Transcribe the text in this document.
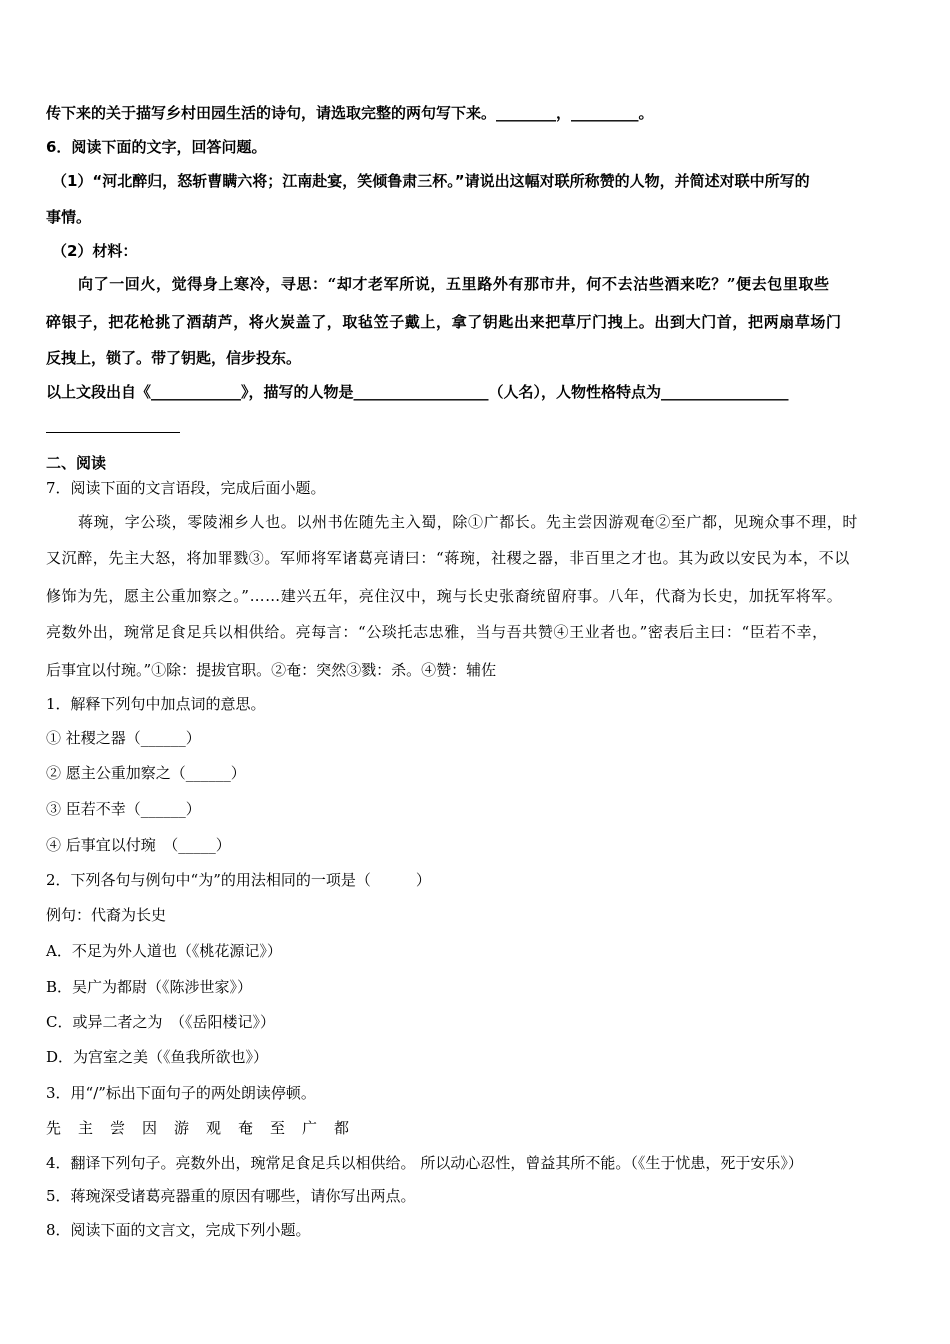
传下来的关于描写乡村田园生活的诗句，请选取完整的两句写下来。________，_________。
6．阅读下面的文字，回答问题。
（1）“河北醉归，怒斩曹瞒六将；江南赴宴，笑倾鲁肃三杯。”请说出这幅对联所称赞的人物，并简述对联中所写的
事情。
（2）材料：
向了一回火，觉得身上寒冷，寻思：“却才老军所说，五里路外有那市井，何不去沽些酒来吃？”便去包里取些
碎银子，把花枪挑了酒葫芦，将火炭盖了，取毡笠子戴上，拿了钥匙出来把草厅门拽上。出到大门首，把两扇草场门
反拽上，锁了。带了钥匙，信步投东。
以上文段出自《____________》，描写的人物是__________________（人名），人物性格特点为_________________
二、阅读
7．阅读下面的文言语段，完成后面小题。
蒋琬，字公琰，零陵湘乡人也。以州书佐随先主入蜀，除①广都长。先主尝因游观奄②至广都，见琬众事不理，时
又沉醉，先主大怒，将加罪戮③。军师将军诸葛亮请曰：“蒋琬，社稷之器，非百里之才也。其为政以安民为本，不以
修饰为先，愿主公重加察之。”……建兴五年，亮住汉中，琬与长史张裔统留府事。八年，代裔为长史，加抚军将军。
亮数外出，琬常足食足兵以相供给。亮每言：“公琰托志忠雅，当与吾共赞④王业者也。”密表后主曰：“臣若不幸，
后事宜以付琬。”①除：提拔官职。②奄：突然③戮：杀。④赞：辅佐
1．解释下列句中加点词的意思。
① 社稷之器（______）
② 愿主公重加察之（______）
③ 臣若不幸（______）
④ 后事宜以付琬　（_____）
2．下列各句与例句中“为”的用法相同的一项是（　　　）
例句：代裔为长史
A．不足为外人道也（《桃花源记》）
B．吴广为都尉（《陈涉世家》）
C．或异二者之为　（《岳阳楼记》）
D．为宫室之美（《鱼我所欲也》）
3．用“/”标出下面句子的两处朗读停顿。
先主尝因游观奄至广都
4．翻译下列句子。亮数外出，琬常足食足兵以相供给。 所以动心忍性，曾益其所不能。（《生于忧患，死于安乐》）
5．蒋琬深受诸葛亮器重的原因有哪些，请你写出两点。
8．阅读下面的文言文，完成下列小题。
